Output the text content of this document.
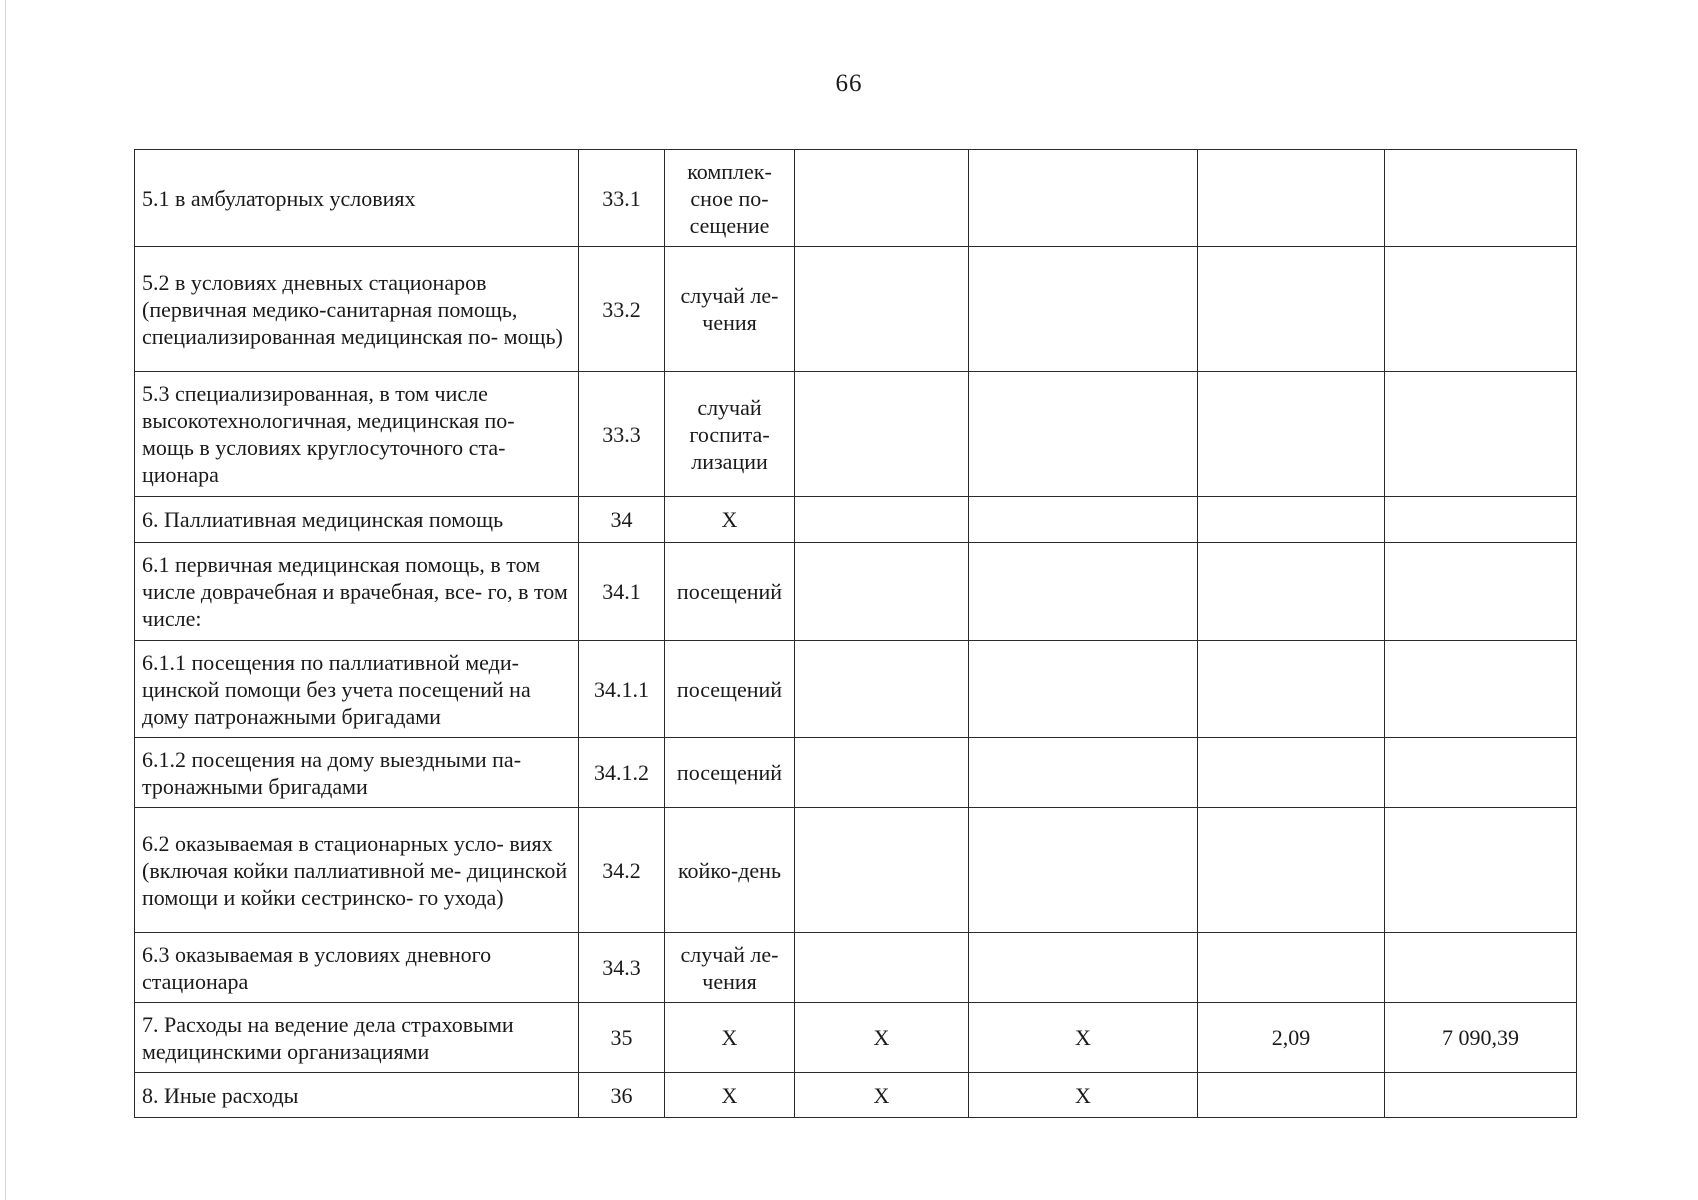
66
5.1 в амбулаторных условиях	33.1	комплек- сное по- сещение				
5.2 в условиях дневных стационаров (первичная медико-санитарная помощь, специализированная медицинская по- мощь)	33.2	случай ле- чения				
5.3 специализированная, в том числе высокотехнологичная, медицинская по- мощь в условиях круглосуточного ста- ционара	33.3	случай госпита- лизации				
6. Паллиативная медицинская помощь	34	X				
6.1 первичная медицинская помощь, в том числе доврачебная и врачебная, все- го, в том числе:	34.1	посещений				
6.1.1 посещения по паллиативной меди- цинской помощи без учета посещений на дому патронажными бригадами	34.1.1	посещений				
6.1.2 посещения на дому выездными па- тронажными бригадами	34.1.2	посещений				
6.2 оказываемая в стационарных усло- виях (включая койки паллиативной ме- дицинской помощи и койки сестринско- го ухода)	34.2	койко-день				
6.3 оказываемая в условиях дневного стационара	34.3	случай ле- чения				
7. Расходы на ведение дела страховыми медицинскими организациями	35	X	X	X	2,09	7 090,39
8. Иные расходы	36	X	X	X		
